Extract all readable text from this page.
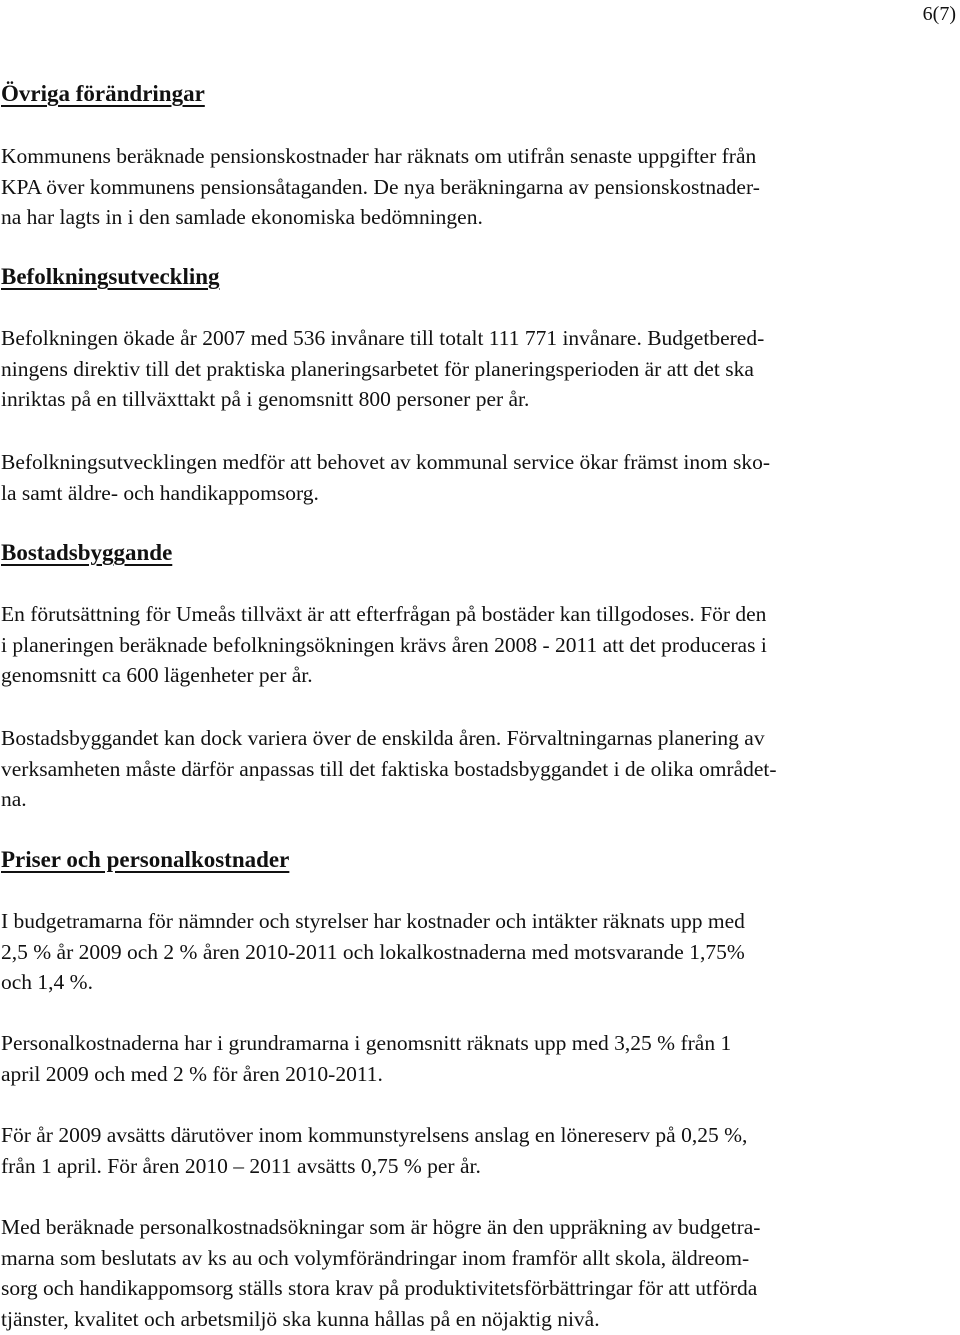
6(7)
Övriga förändringar

Kommunens beräknade pensionskostnader har räknats om utifrån senaste uppgifter från
KPA över kommunens pensionsåtaganden. De nya beräkningarna av pensionskostnader-
na har lagts in i den samlade ekonomiska bedömningen.

Befolkningsutveckling

Befolkningen ökade år 2007 med 536 invånare till totalt 111 771 invånare. Budgetbered-
ningens direktiv till det praktiska planeringsarbetet för planeringsperioden är att det ska
inriktas på en tillväxttakt på i genomsnitt 800 personer per år.

Befolkningsutvecklingen medför att behovet av kommunal service ökar främst inom sko-
la samt äldre- och handikappomsorg.

Bostadsbyggande

En förutsättning för Umeås tillväxt är att efterfrågan på bostäder kan tillgodoses. För den
i planeringen beräknade befolkningsökningen krävs åren 2008 - 2011 att det produceras i
genomsnitt ca 600 lägenheter per år.

Bostadsbyggandet kan dock variera över de enskilda åren. Förvaltningarnas planering av
verksamheten måste därför anpassas till det faktiska bostadsbyggandet i de olika området-
na.

Priser och personalkostnader

I budgetramarna för nämnder och styrelser har kostnader och intäkter räknats upp med
2,5 % år 2009 och 2 % åren 2010-2011 och lokalkostnaderna med motsvarande 1,75%
och 1,4 %.

Personalkostnaderna har i grundramarna i genomsnitt räknats upp med 3,25 % från 1
april 2009 och med 2 % för åren 2010-2011.

För år 2009 avsätts därutöver inom kommunstyrelsens anslag en lönereserv på 0,25 %,
från 1 april. För åren 2010 – 2011 avsätts 0,75 % per år.

Med beräknade personalkostnadsökningar som är högre än den uppräkning av budgetra-
marna som beslutats av ks au och volymförändringar inom framför allt skola, äldreom-
sorg och handikappomsorg ställs stora krav på produktivitetsförbättringar för att utförda
tjänster, kvalitet och arbetsmiljö ska kunna hållas på en nöjaktig nivå.
